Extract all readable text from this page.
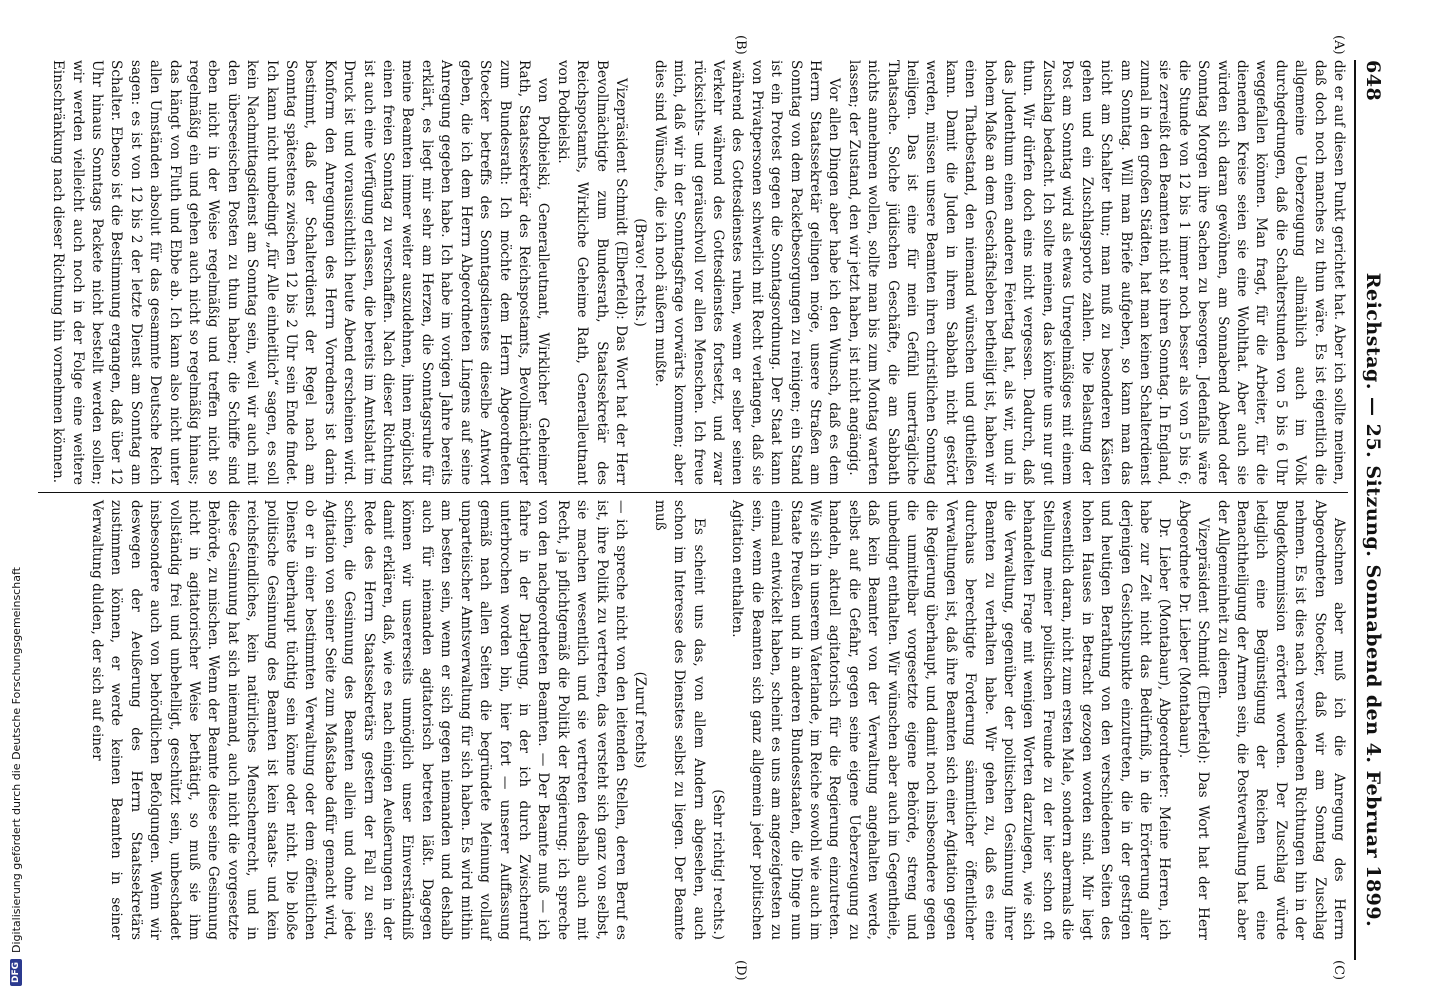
648
Reichstag. — 25. Sitzung. Sonnabend den 4. Februar 1899.
(A)
(B)
(C)
(D)

die er auf diesen Punkt gerichtet hat. Aber ich sollte meinen, daß doch noch manches zu thun wäre. Es ist eigentlich die allgemeine Ueberzeugung allmählich auch im Volk durchgedrungen, daß die Schalterstunden von 5 bis 6 Uhr weggefallen können. Man fragt, für die Arbeiter, für die dienenden Kreise seien sie eine Wohlthat. Aber auch sie würden sich daran gewöhnen, am Sonnabend Abend oder Sonntag Morgen ihre Sachen zu besorgen. Jedenfalls wäre die Stunde von 12 bis 1 immer noch besser als von 5 bis 6; sie zerreißt den Beamten nicht so ihren Sonntag. In England, zumal in den großen Städten, hat man keinen Schalterdienst am Sonntag. Will man Briefe aufgeben, so kann man das nicht am Schalter thun; man muß zu besonderen Kästen gehen und ein Zuschlagsporto zahlen. Die Belastung der Post am Sonntag wird als etwas Unregelmäßiges mit einem Zuschlag bedacht. Ich sollte meinen, das könnte uns nur gut thun. Wir dürfen doch eins nicht vergessen. Dadurch, daß das Judenthum einen anderen Feiertag hat, als wir, und in hohem Maße an dem Geschäftsleben betheiligt ist, haben wir einen Thatbestand, den niemand wünschen und gutheißen kann. Damit die Juden in ihrem Sabbath nicht gestört werden, müssen unsere Beamten ihren christlichen Sonntag heiligen. Das ist eine für mein Gefühl unerträgliche Thatsache. Solche jüdischen Geschäfte, die am Sabbath nichts annehmen wollen, sollte man bis zum Montag warten lassen; der Zustand, den wir jetzt haben, ist nicht angängig.

Vor allen Dingen aber habe ich den Wunsch, daß es dem Herrn Staatssekretär gelingen möge, unsere Straßen am Sonntag von dem Packetbesorgungen zu reinigen; ein Stand ist ein Protest gegen die Sonntagsordnung. Der Staat kann von Privatpersonen schwerlich mit Recht verlangen, daß sie während des Gottesdienstes ruhen, wenn er selber seinen Verkehr während des Gottesdienstes fortsetzt, und zwar rücksichts- und geräuschvoll vor allen Menschen. Ich freue mich, daß wir in der Sonntagsfrage vorwärts kommen; aber dies sind Wünsche, die ich noch äußern mußte.

(Bravo! rechts.)

Vizepräsident Schmidt (Elberfeld): Das Wort hat der Herr Bevollmächtigte zum Bundesrath, Staatssekretär des Reichspostamts, Wirkliche Geheime Rath, Generalleutnant von Podbielski.

von Podbielski, Generalleutnant, Wirklicher Geheimer Rath, Staatssekretär des Reichspostamts, Bevollmächtigter zum Bundesrath: Ich möchte dem Herrn Abgeordneten Stoecker betreffs des Sonntagsdienstes dieselbe Antwort geben, die ich dem Herrn Abgeordneten Lingens auf seine Anregung gegeben habe. Ich habe im vorigen Jahre bereits erklärt, es liegt mir sehr am Herzen, die Sonntagsruhe für meine Beamten immer weiter auszudehnen, ihnen möglichst einen freien Sonntag zu verschaffen. Nach dieser Richtung ist auch eine Verfügung erlassen, die bereits im Amtsblatt im Druck ist und voraussichtlich heute Abend erscheinen wird. Konform den Anregungen des Herrn Vorredners ist darin bestimmt, daß der Schalterdienst der Regel nach am Sonntag spätestens zwischen 12 bis 2 Uhr sein Ende findet. Ich kann nicht unbedingt „für Alle einheitlich“ sagen, es soll kein Nachmittagsdienst am Sonntag sein, weil wir auch mit den überseeischen Posten zu thun haben; die Schiffe sind eben nicht in der Weise regelmäßig und treffen nicht so regelmäßig ein und gehen auch nicht so regelmäßig hinaus; das hängt von Fluth und Ebbe ab. Ich kann also nicht unter allen Umständen absolut für das gesammte Deutsche Reich sagen: es ist von 12 bis 2 der letzte Dienst am Sonntag am Schalter. Ebenso ist die Bestimmung ergangen, daß über 12 Uhr hinaus Sonntags Packete nicht bestellt werden sollen; wir werden vielleicht auch noch in der Folge eine weitere Einschränkung nach dieser Richtung hin vornehmen können.

Abschnen aber muß ich die Anregung des Herrn Abgeordneten Stoecker, daß wir am Sonntag Zuschlag nehmen. Es ist dies nach verschiedenen Richtungen hin in der Budgetkommission erörtert worden. Der Zuschlag würde lediglich eine Begünstigung der Reichen und eine Benachtheiligung der Armen sein, die Postverwaltung hat aber der Allgemeinheit zu dienen.

Vizepräsident Schmidt (Elberfeld): Das Wort hat der Herr Abgeordnete Dr. Lieber (Montabaur).

Dr. Lieber (Montabaur), Abgeordneter: Meine Herren, ich habe zur Zeit nicht das Bedürfniß, in die Erörterung aller derjenigen Gesichtspunkte einzutreten, die in der gestrigen und heutigen Berathung von den verschiedenen Seiten des hohen Hauses in Betracht gezogen worden sind. Mir liegt wesentlich daran, nicht zum ersten Male, sondern abermals die Stellung meiner politischen Freunde zu der hier schon oft behandelten Frage mit wenigen Worten darzulegen, wie sich die Verwaltung, gegenüber der politischen Gesinnung ihrer Beamten zu verhalten habe. Wir gehen zu, daß es eine durchaus berechtigte Forderung sämmtlicher öffentlicher Verwaltungen ist, daß ihre Beamten sich einer Agitation gegen die Regierung überhaupt, und damit noch insbesondere gegen die unmittelbar vorgesetzte eigene Behörde, streng und unbedingt enthalten. Wir wünschen aber auch im Gegentheile, daß kein Beamter von der Verwaltung angehalten werde, selbst auf die Gefahr, gegen seine eigene Ueberzeugung zu handeln, aktuell agitatorisch für die Regierung einzutreten. Wie sich in unserem Vaterlande, im Reiche sowohl wie auch im Staate Preußen und in anderen Bundesstaaten, die Dinge nun einmal entwickelt haben, scheint es uns am angezeigtesten zu sein, wenn die Beamten sich ganz allgemein jeder politischen Agitation enthalten.

(Sehr richtig! rechts.)

Es scheint uns das, von allem Andern abgesehen, auch schon im Interesse des Dienstes selbst zu liegen. Der Beamte muß

(Zuruf rechts)

— ich spreche nicht von den leitenden Stellen, deren Beruf es ist, ihre Politik zu vertreten, das versteht sich ganz von selbst, sie machen wesentlich und sie vertreten deshalb auch mit Recht, ja pflichtgemäß die Politik der Regierung; ich spreche von den nachgeordneten Beamten. — Der Beamte muß — ich fahre in der Darlegung, in der ich durch Zwischenruf unterbrochen worden bin, hier fort — unserer Auffassung gemäß nach allen Seiten die begründete Meinung vollauf unparteiischer Amtsverwaltung für sich haben. Es wird mithin am besten sein, wenn er sich gegen niemanden und deshalb auch für niemanden agitatorisch betreten läßt. Dagegen können wir unsererseits unmöglich unser Einverständniß damit erklären, daß, wie es nach einigen Aeußerungen in der Rede des Herrn Staatssekretärs gestern der Fall zu sein schien, die Gesinnung des Beamten allein und ohne jede Agitation von seiner Seite zum Maßstabe dafür gemacht wird, ob er in einer bestimmten Verwaltung oder dem öffentlichen Dienste überhaupt tüchtig sein könne oder nicht. Die bloße politische Gesinnung des Beamten ist kein staats- und kein reichsfeindliches, kein natürliches Menschenrecht, und in diese Gesinnung hat sich niemand, auch nicht die vorgesetzte Behörde, zu mischen. Wenn der Beamte diese seine Gesinnung nicht in agitatorischer Weise bethätigt, so muß sie ihm vollständig frei und unbehelligt, geschützt sein, unbeschadet insbesondere auch von behördlichen Befolgungen. Wenn wir deswegen der Aeußerung des Herrn Staatssekretärs zustimmen können, er werde keinen Beamten in seiner Verwaltung dulden, der sich auf einer

DFG
Digitalisierung gefördert durch die Deutsche Forschungsgemeinschaft
